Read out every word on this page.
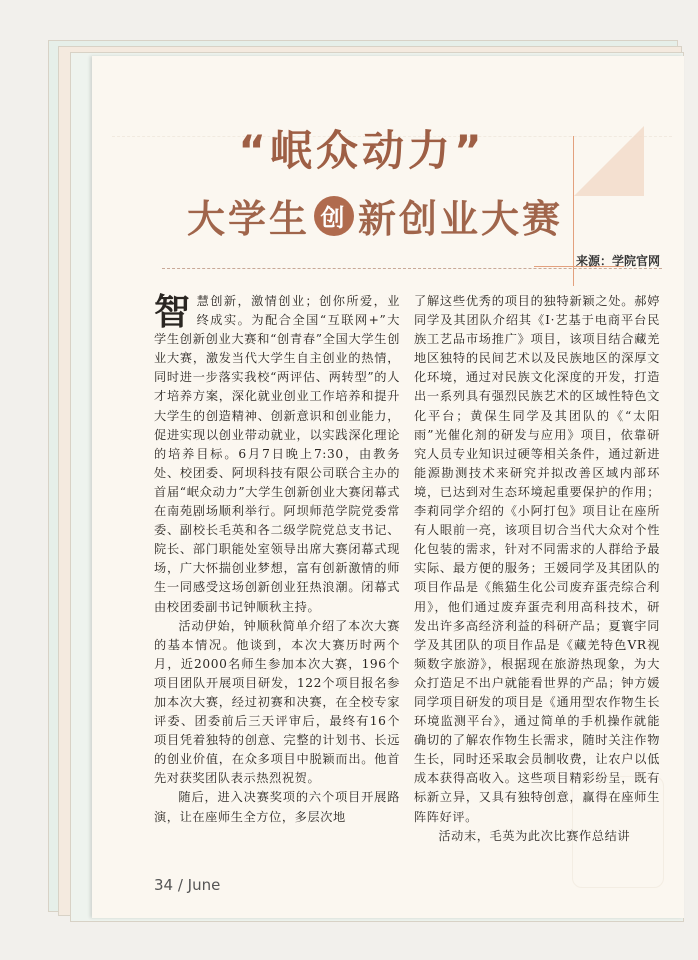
“岷众动力”
大学生 创 新创业大赛
来源：学院官网

智慧创新，激情创业；创你所爱，业终成实。为配合全国“互联网+”大学生创新创业大赛和“创青春”全国大学生创业大赛，激发当代大学生自主创业的热情，同时进一步落实我校“两评估、两转型”的人才培养方案，深化就业创业工作培养和提升大学生的创造精神、创新意识和创业能力，促进实现以创业带动就业，以实践深化理论的培养目标。6月7日晚上7:30，由教务处、校团委、阿坝科技有限公司联合主办的首届“岷众动力”大学生创新创业大赛闭幕式在南苑剧场顺利举行。阿坝师范学院党委常委、副校长毛英和各二级学院党总支书记、院长、部门职能处室领导出席大赛闭幕式现场，广大怀揣创业梦想，富有创新激情的师生一同感受这场创新创业狂热浪潮。闭幕式由校团委副书记钟顺秋主持。

活动伊始，钟顺秋简单介绍了本次大赛的基本情况。他谈到，本次大赛历时两个月，近2000名师生参加本次大赛，196个项目团队开展项目研发，122个项目报名参加本次大赛，经过初赛和决赛，在全校专家评委、团委前后三天评审后，最终有16个项目凭着独特的创意、完整的计划书、长远的创业价值，在众多项目中脱颖而出。他首先对获奖团队表示热烈祝贺。

随后，进入决赛奖项的六个项目开展路演，让在座师生全方位，多层次地

了解这些优秀的项目的独特新颖之处。郝婷同学及其团队介绍其《I·艺基于电商平台民族工艺品市场推广》项目，该项目结合藏羌地区独特的民间艺术以及民族地区的深厚文化环境，通过对民族文化深度的开发，打造出一系列具有强烈民族艺术的区域性特色文化平台；黄保生同学及其团队的《“太阳雨”光催化剂的研发与应用》项目，依靠研究人员专业知识过硬等相关条件，通过新进能源勘测技术来研究并拟改善区域内部环境，已达到对生态环境起重要保护的作用；李莉同学介绍的《小阿打包》项目让在座所有人眼前一亮，该项目切合当代大众对个性化包装的需求，针对不同需求的人群给予最实际、最方便的服务；王媛同学及其团队的项目作品是《熊猫生化公司废弃蛋壳综合利用》，他们通过废弃蛋壳利用高科技术，研发出许多高经济利益的科研产品；夏寰宇同学及其团队的项目作品是《藏羌特色VR视频数字旅游》，根据现在旅游热现象，为大众打造足不出户就能看世界的产品；钟方媛同学项目研发的项目是《通用型农作物生长环境监测平台》，通过简单的手机操作就能确切的了解农作物生长需求，随时关注作物生长，同时还采取会员制收费，让农户以低成本获得高收入。这些项目精彩纷呈，既有标新立异，又具有独特创意，赢得在座师生阵阵好评。

活动末，毛英为此次比赛作总结讲

34 / June
